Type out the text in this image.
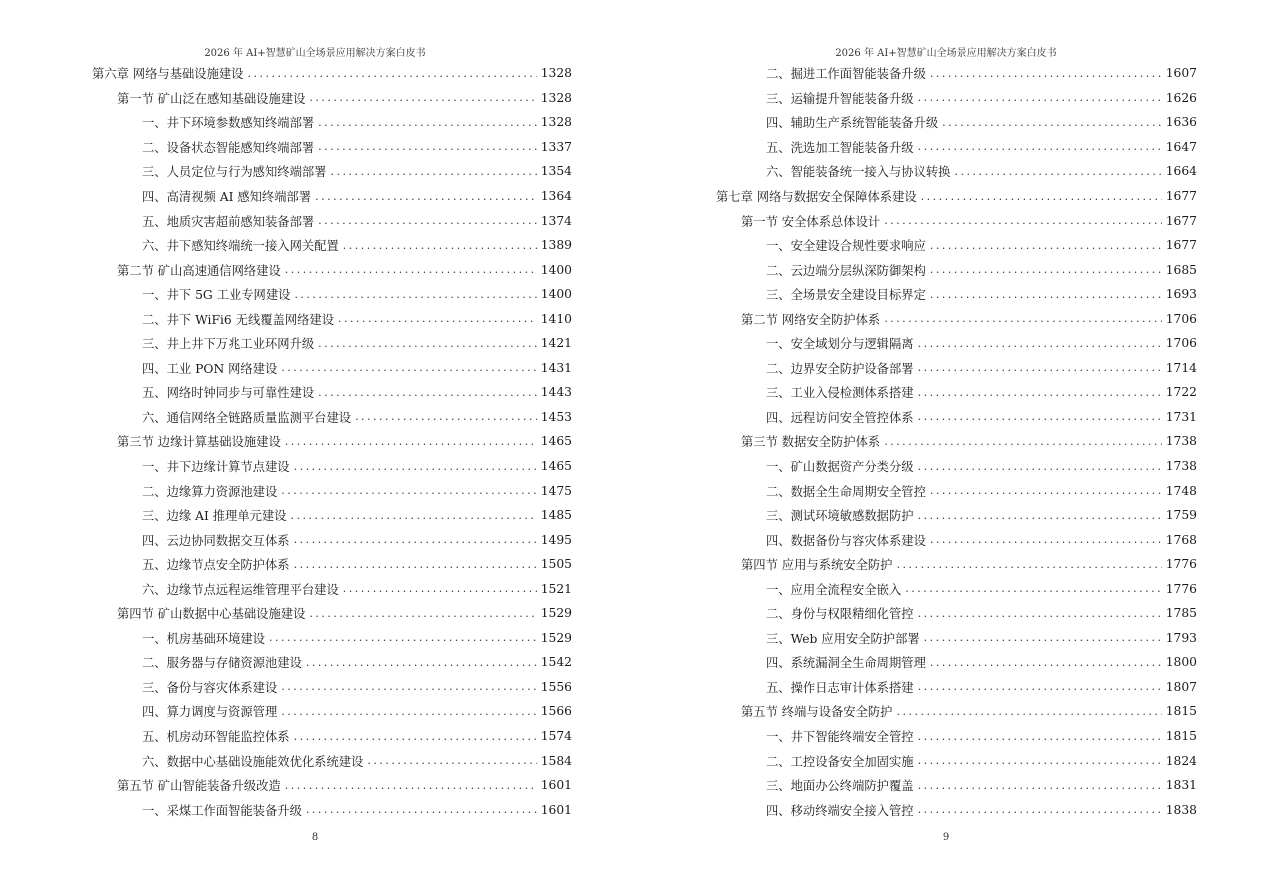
2026 年 AI+智慧矿山全场景应用解决方案白皮书
第六章 网络与基础设施建设 .....	1328
第一节 矿山泛在感知基础设施建设 .....	1328
一、井下环境参数感知终端部署 .....	1328
二、设备状态智能感知终端部署 .....	1337
三、人员定位与行为感知终端部署 .....	1354
四、高清视频 AI 感知终端部署 .....	1364
五、地质灾害超前感知装备部署 .....	1374
六、井下感知终端统一接入网关配置 .....	1389
第二节 矿山高速通信网络建设 .....	1400
一、井下 5G 工业专网建设 .....	1400
二、井下 WiFi6 无线覆盖网络建设 .....	1410
三、井上井下万兆工业环网升级 .....	1421
四、工业 PON 网络建设 .....	1431
五、网络时钟同步与可靠性建设 .....	1443
六、通信网络全链路质量监测平台建设 .....	1453
第三节 边缘计算基础设施建设 .....	1465
一、井下边缘计算节点建设 .....	1465
二、边缘算力资源池建设 .....	1475
三、边缘 AI 推理单元建设 .....	1485
四、云边协同数据交互体系 .....	1495
五、边缘节点安全防护体系 .....	1505
六、边缘节点远程运维管理平台建设 .....	1521
第四节 矿山数据中心基础设施建设 .....	1529
一、机房基础环境建设 .....	1529
二、服务器与存储资源池建设 .....	1542
三、备份与容灾体系建设 .....	1556
四、算力调度与资源管理 .....	1566
五、机房动环智能监控体系 .....	1574
六、数据中心基础设施能效优化系统建设 .....	1584
第五节 矿山智能装备升级改造 .....	1601
一、采煤工作面智能装备升级 .....	1601
8
2026 年 AI+智慧矿山全场景应用解决方案白皮书
二、掘进工作面智能装备升级 .....	1607
三、运输提升智能装备升级 .....	1626
四、辅助生产系统智能装备升级 .....	1636
五、洗选加工智能装备升级 .....	1647
六、智能装备统一接入与协议转换 .....	1664
第七章 网络与数据安全保障体系建设 .....	1677
第一节 安全体系总体设计 .....	1677
一、安全建设合规性要求响应 .....	1677
二、云边端分层纵深防御架构 .....	1685
三、全场景安全建设目标界定 .....	1693
第二节 网络安全防护体系 .....	1706
一、安全域划分与逻辑隔离 .....	1706
二、边界安全防护设备部署 .....	1714
三、工业入侵检测体系搭建 .....	1722
四、远程访问安全管控体系 .....	1731
第三节 数据安全防护体系 .....	1738
一、矿山数据资产分类分级 .....	1738
二、数据全生命周期安全管控 .....	1748
三、测试环境敏感数据防护 .....	1759
四、数据备份与容灾体系建设 .....	1768
第四节 应用与系统安全防护 .....	1776
一、应用全流程安全嵌入 .....	1776
二、身份与权限精细化管控 .....	1785
三、Web 应用安全防护部署 .....	1793
四、系统漏洞全生命周期管理 .....	1800
五、操作日志审计体系搭建 .....	1807
第五节 终端与设备安全防护 .....	1815
一、井下智能终端安全管控 .....	1815
二、工控设备安全加固实施 .....	1824
三、地面办公终端防护覆盖 .....	1831
四、移动终端安全接入管控 .....	1838
9
